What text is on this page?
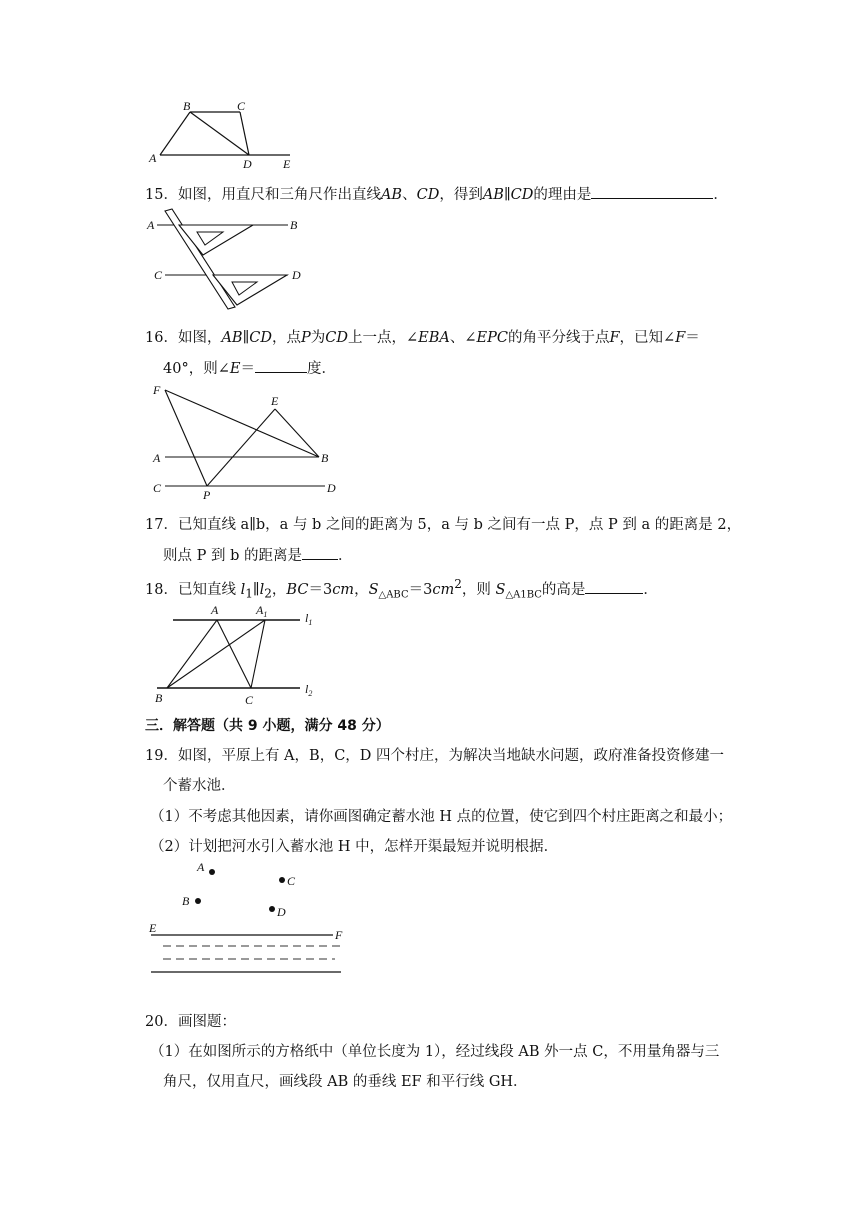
B	C
A	D	E
15．如图，用直尺和三角尺作出直线AB、CD，得到AB∥CD的理由是	．
A	B
C	D
16．如图，AB∥CD，点P为CD上一点，∠EBA、∠EPC的角平分线于点F，已知∠F＝
40°，则∠E＝	度．
F
E
A	B
C	P	D
17．已知直线 a∥b，a 与 b 之间的距离为 5，a 与 b 之间有一点 P，点 P 到 a 的距离是 2，
则点 P 到 b 的距离是 ．
18．已知直线 $l_1\parallel l_2$，BC＝3cm，$S_{\triangle ABC}=3cm^2$，则 $S_{\triangle A1BC}$的高是	．
A	$A_1$	$l_1$
B	C
$l_2$
三．解答题（共 9 小题，满分 48 分）
19．如图，平原上有 A，B，C，D 四个村庄，为解决当地缺水问题，政府准备投资修建一
个蓄水池．
（1）不考虑其他因素，请你画图确定蓄水池 H 点的位置，使它到四个村庄距离之和最小；
（2）计划把河水引入蓄水池 H 中，怎样开渠最短并说明根据．
A
B
C
D
E	F
20．画图题：
（1）在如图所示的方格纸中（单位长度为 1），经过线段 AB 外一点 C，不用量角器与三
角尺，仅用直尺，画线段 AB 的垂线 EF 和平行线 GH．
